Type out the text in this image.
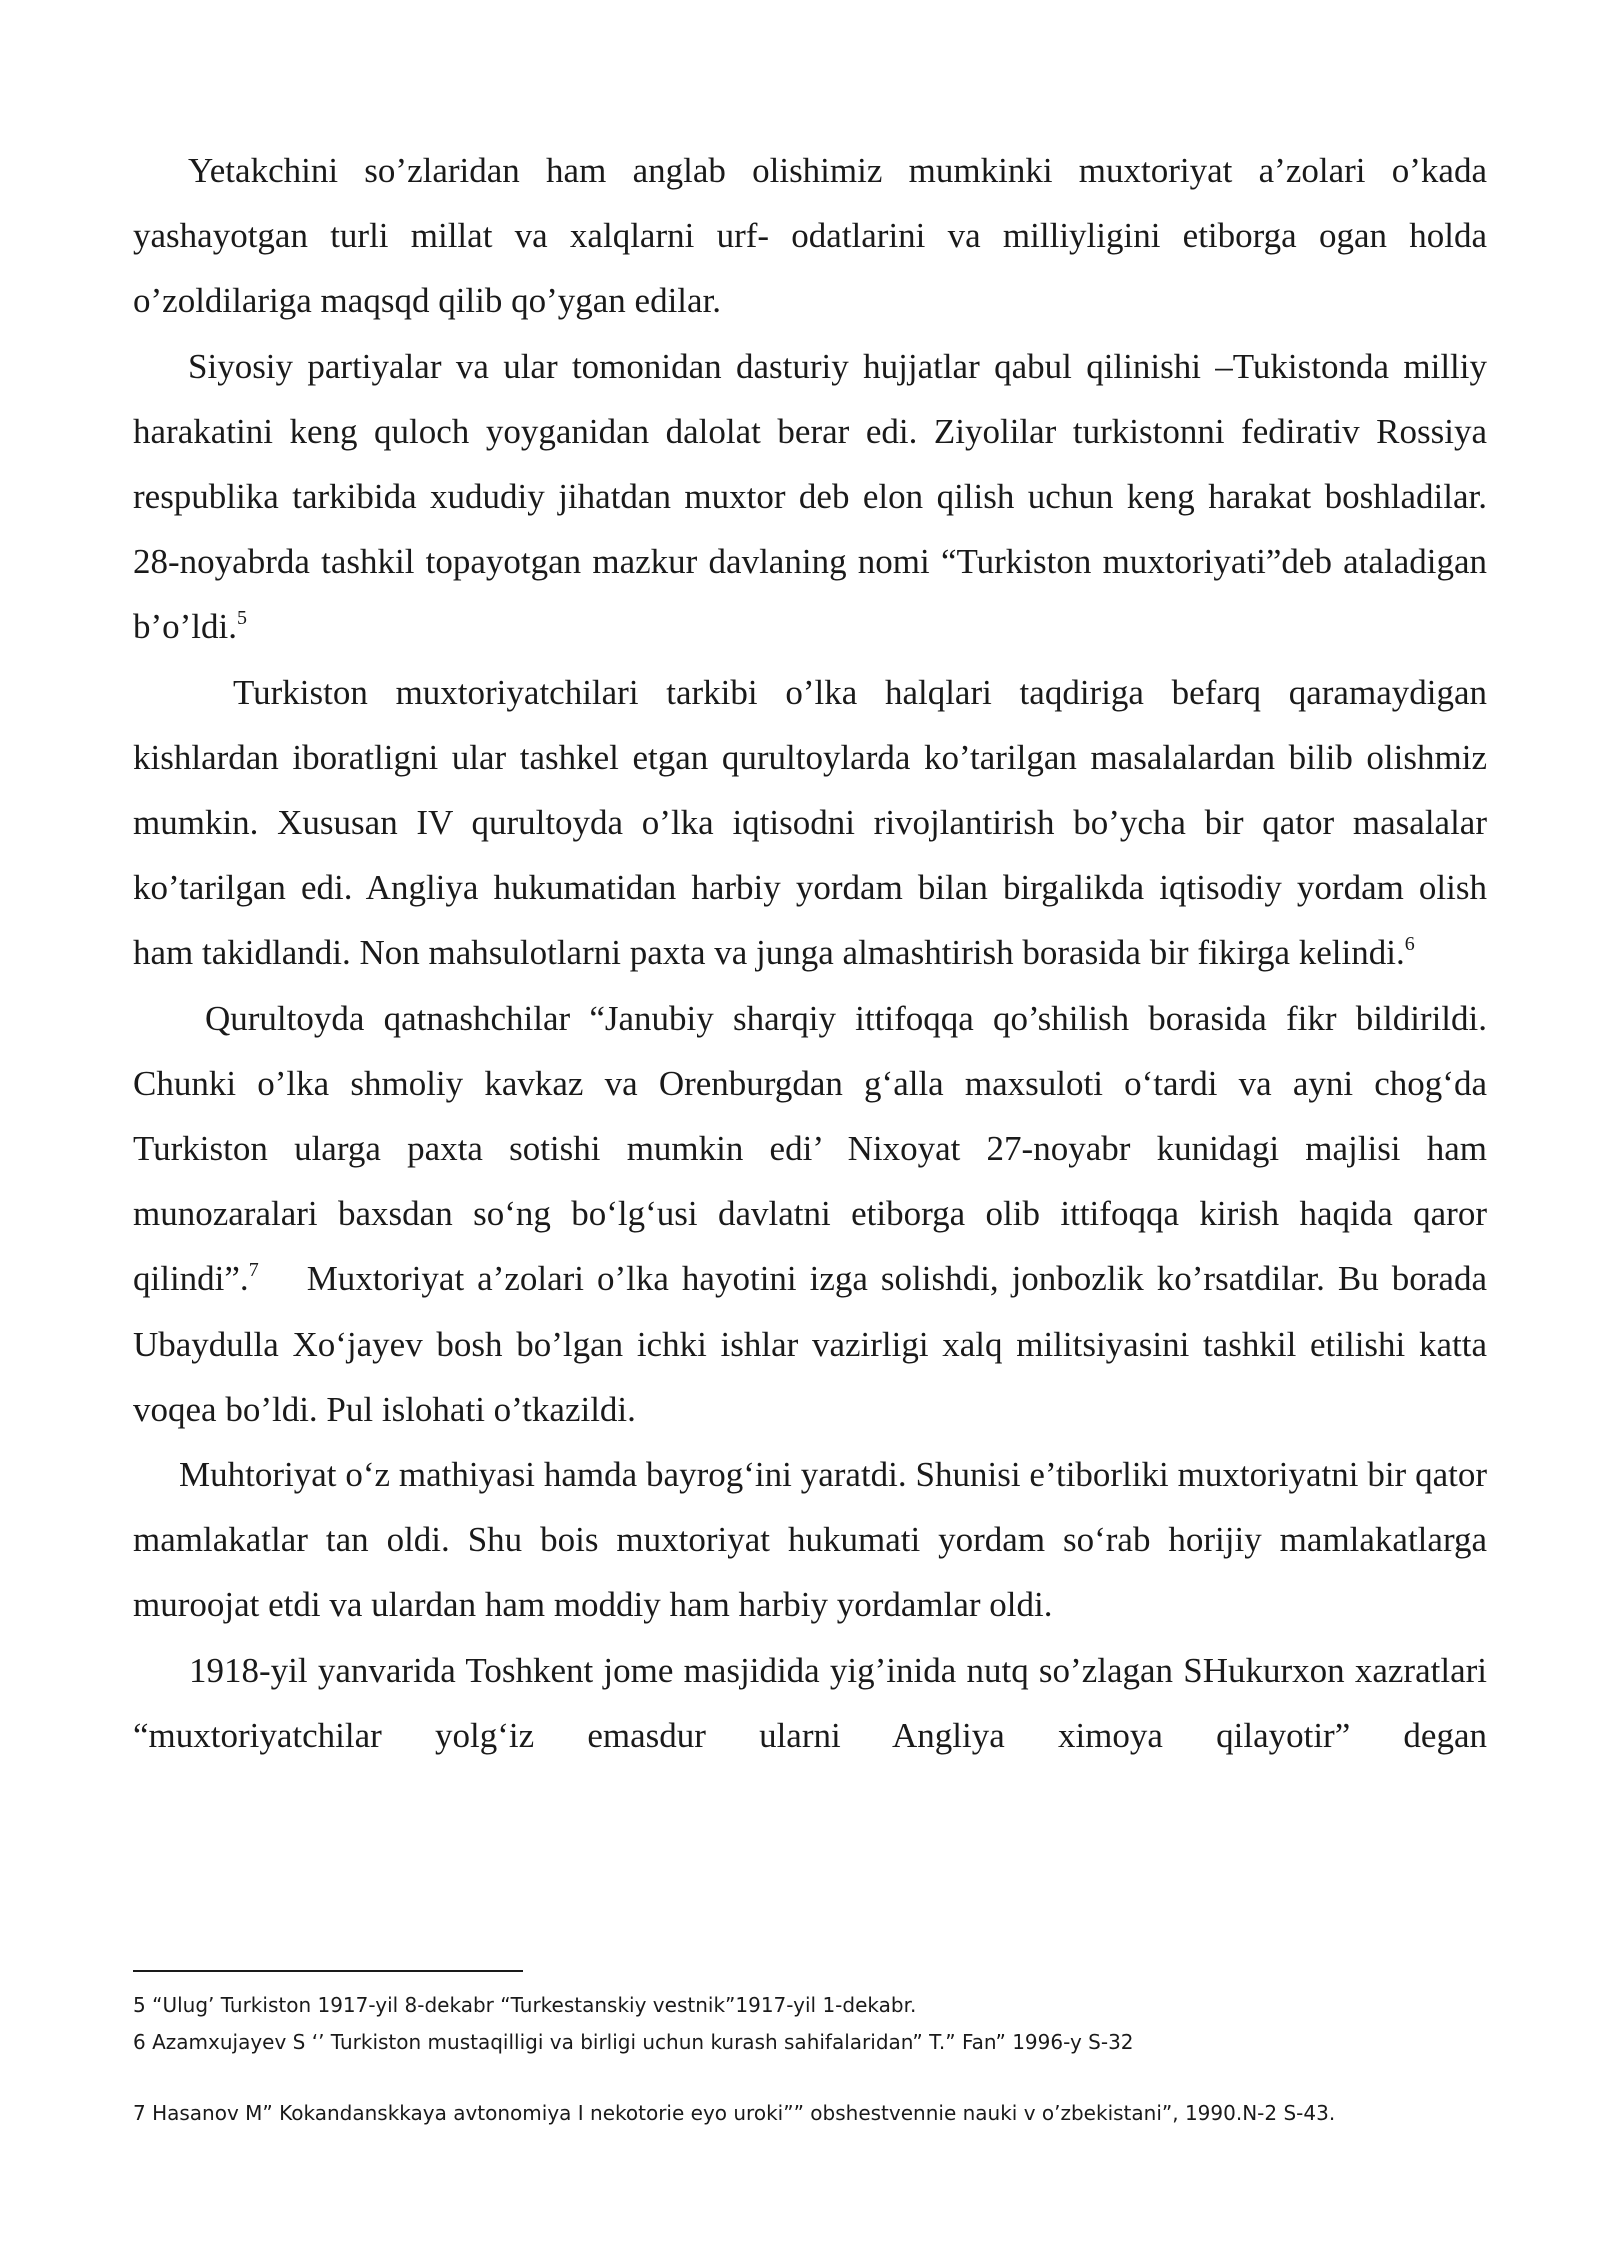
Yetakchini so’zlaridan ham anglab olishimiz mumkinki muxtoriyat a’zolari o’kada yashayotgan turli millat va xalqlarni urf- odatlarini va milliyligini etiborga ogan holda o’zoldilariga maqsqd qilib qo’ygan edilar.

Siyosiy partiyalar va ular tomonidan dasturiy hujjatlar qabul qilinishi –Tukistonda milliy harakatini keng quloch yoyganidan dalolat berar edi. Ziyolilar turkistonni fedirativ Rossiya respublika tarkibida xududiy jihatdan muxtor deb elon qilish uchun keng harakat boshladilar. 28-noyabrda tashkil topayotgan mazkur davlaning nomi “Turkiston muxtoriyati”deb ataladigan b’o’ldi.$^5$

Turkiston muxtoriyatchilari tarkibi o’lka halqlari taqdiriga befarq qaramaydigan kishlardan iboratligni ular tashkel etgan qurultoylarda ko’tarilgan masalalardan bilib olishmiz mumkin. Xususan IV qurultoyda o’lka iqtisodni rivojlantirish bo’ycha bir qator masalalar ko’tarilgan edi. Angliya hukumatidan harbiy yordam bilan birgalikda iqtisodiy yordam olish ham takidlandi. Non mahsulotlarni paxta va junga almashtirish borasida bir fikirga kelindi.$^6$

Qurultoyda qatnashchilar “Janubiy sharqiy ittifoqqa qo’shilish borasida fikr bildirildi. Chunki o’lka shmoliy kavkaz va Orenburgdan g‘alla maxsuloti o‘tardi va ayni chog‘da Turkiston ularga paxta sotishi mumkin edi’ Nixoyat 27-noyabr kunidagi majlisi ham munozaralari baxsdan so‘ng bo‘lg‘usi davlatni etiborga olib ittifoqqa kirish haqida qaror qilindi”.$^7$ Muxtoriyat a’zolari o’lka hayotini izga solishdi, jonbozlik ko’rsatdilar. Bu borada Ubaydulla Xo‘jayev bosh bo’lgan ichki ishlar vazirligi xalq militsiyasini tashkil etilishi katta voqea bo’ldi. Pul islohati o’tkazildi.

Muhtoriyat o‘z mathiyasi hamda bayrog‘ini yaratdi. Shunisi e’tiborliki muxtoriyatni bir qator mamlakatlar tan oldi. Shu bois muxtoriyat hukumati yordam so‘rab horijiy mamlakatlarga muroojat etdi va ulardan ham moddiy ham harbiy yordamlar oldi.

1918-yil yanvarida Toshkent jome masjidida yig’inida nutq so’zlagan SHukurxon xazratlari “muxtoriyatchilar yolg‘iz emasdur ularni Angliya ximoya qilayotir” degan

5 “Ulug’ Turkiston 1917-yil 8-dekabr “Turkestanskiy vestnik”1917-yil 1-dekabr.

6 Azamxujayev S ‘’ Turkiston mustaqilligi va birligi uchun kurash sahifalaridan” T.” Fan” 1996-y S-32

7 Hasanov M” Kokandanskkaya avtonomiya I nekotorie eyo uroki”” obshestvennie nauki v o’zbekistani”, 1990.N-2 S-43.
